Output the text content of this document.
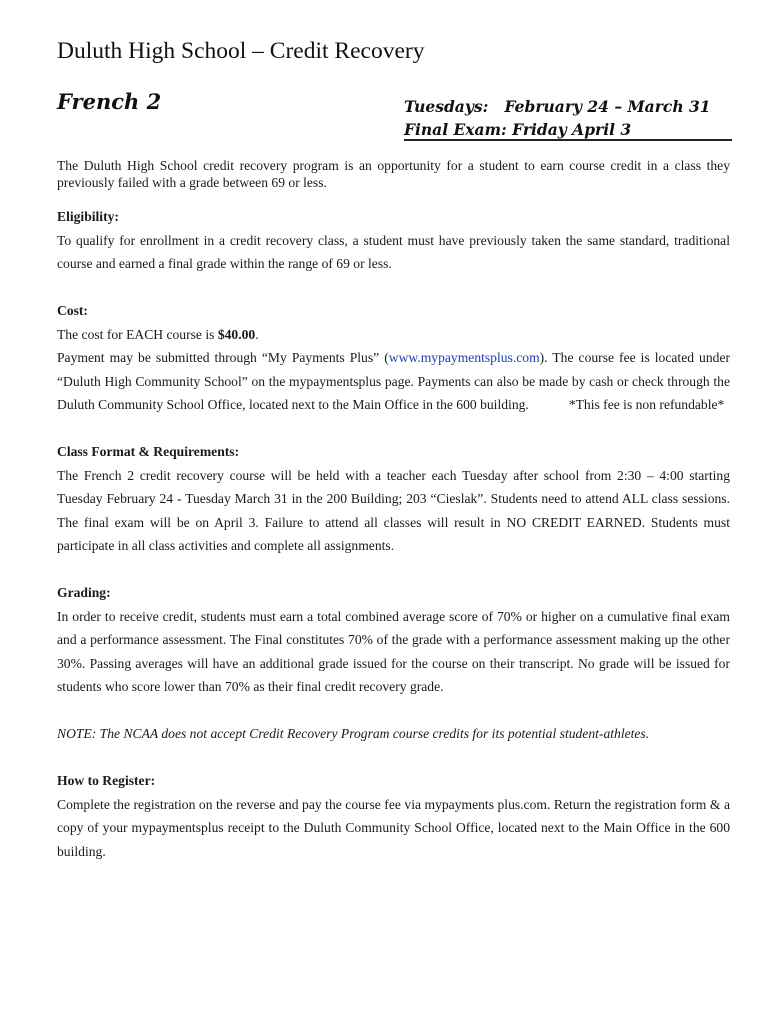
Duluth High School – Credit Recovery
French 2	Tuesdays:   February 24 – March 31
Final Exam: Friday April 3

The Duluth High School credit recovery program is an opportunity for a student to earn course credit in a class they previously failed with a grade between 69 or less.

Eligibility:

To qualify for enrollment in a credit recovery class, a student must have previously taken the same standard, traditional course and earned a final grade within the range of 69 or less.

Cost:

The cost for EACH course is $40.00.

Payment may be submitted through “My Payments Plus” (www.mypaymentsplus.com). The course fee is located under “Duluth High Community School” on the mypaymentsplus page. Payments can also be made by cash or check through the Duluth Community School Office, located next to the Main Office in the 600 building.	*This fee is non refundable*

Class Format & Requirements:

The French 2 credit recovery course will be held with a teacher each Tuesday after school from 2:30 – 4:00 starting Tuesday February 24 - Tuesday March 31 in the 200 Building; 203 “Cieslak”. Students need to attend ALL class sessions. The final exam will be on April 3. Failure to attend all classes will result in NO CREDIT EARNED. Students must participate in all class activities and complete all assignments.

Grading:

In order to receive credit, students must earn a total combined average score of 70% or higher on a cumulative final exam and a performance assessment. The Final constitutes 70% of the grade with a performance assessment making up the other 30%. Passing averages will have an additional grade issued for the course on their transcript. No grade will be issued for students who score lower than 70% as their final credit recovery grade.

NOTE: The NCAA does not accept Credit Recovery Program course credits for its potential student-athletes.

How to Register:

Complete the registration on the reverse and pay the course fee via mypayments plus.com. Return the registration form & a copy of your mypaymentsplus receipt to the Duluth Community School Office, located next to the Main Office in the 600 building.
